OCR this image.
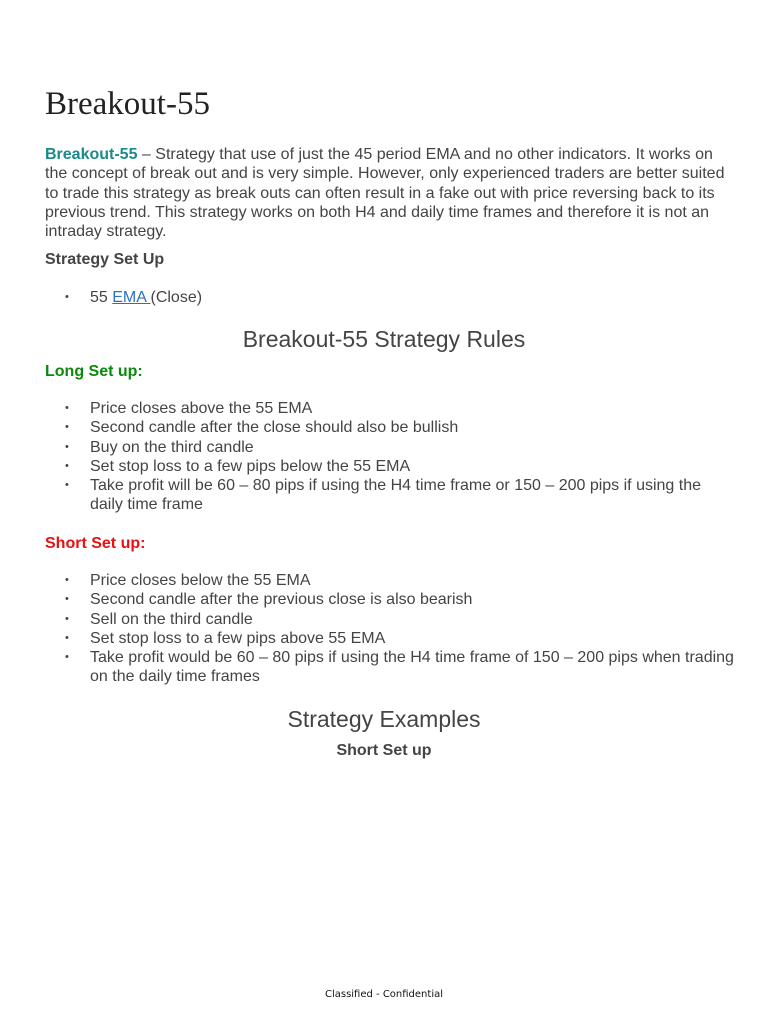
Breakout-55

Breakout-55 – Strategy that use of just the 45 period EMA and no other indicators. It works on the concept of break out and is very simple. However, only experienced traders are better suited to trade this strategy as break outs can often result in a fake out with price reversing back to its previous trend. This strategy works on both H4 and daily time frames and therefore it is not an intraday strategy.

Strategy Set Up
• 55 EMA (Close)
Breakout-55 Strategy Rules
Long Set up:
• Price closes above the 55 EMA
• Second candle after the close should also be bullish
• Buy on the third candle
• Set stop loss to a few pips below the 55 EMA
• Take profit will be 60 – 80 pips if using the H4 time frame or 150 – 200 pips if using the daily time frame
Short Set up:
• Price closes below the 55 EMA
• Second candle after the previous close is also bearish
• Sell on the third candle
• Set stop loss to a few pips above 55 EMA
• Take profit would be 60 – 80 pips if using the H4 time frame of 150 – 200 pips when trading on the daily time frames
Strategy Examples
Short Set up
Classified - Confidential
